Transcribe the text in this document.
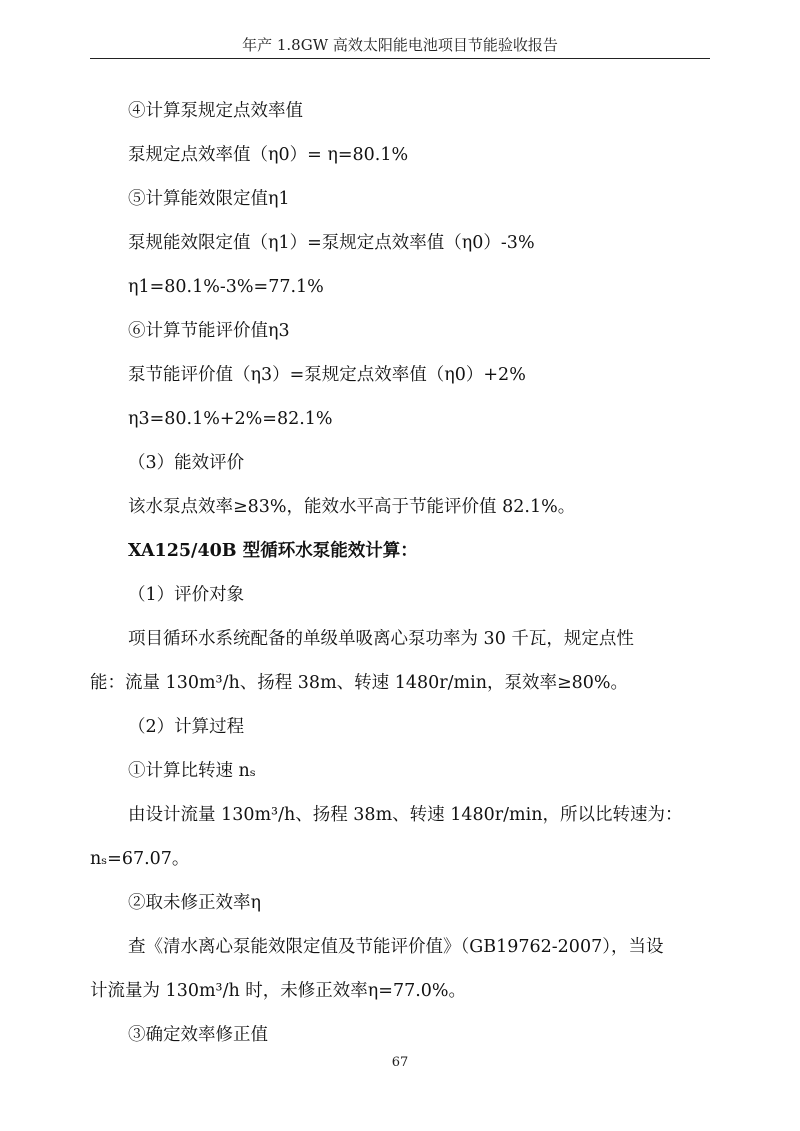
年产 1.8GW 高效太阳能电池项目节能验收报告

④计算泵规定点效率值

泵规定点效率值（η0）= η=80.1%

⑤计算能效限定值η1

泵规能效限定值（η1）=泵规定点效率值（η0）-3%

η1=80.1%-3%=77.1%

⑥计算节能评价值η3

泵节能评价值（η3）=泵规定点效率值（η0）+2%

η3=80.1%+2%=82.1%

（3）能效评价

该水泵点效率≥83%，能效水平高于节能评价值 82.1%。

XA125/40B 型循环水泵能效计算：

（1）评价对象

项目循环水系统配备的单级单吸离心泵功率为 30 千瓦，规定点性

能：流量 130m³/h、扬程 38m、转速 1480r/min，泵效率≥80%。

（2）计算过程

①计算比转速 nₛ

由设计流量 130m³/h、扬程 38m、转速 1480r/min，所以比转速为：

nₛ=67.07。

②取未修正效率η

查《清水离心泵能效限定值及节能评价值》（GB19762-2007），当设

计流量为 130m³/h 时，未修正效率η=77.0%。

③确定效率修正值

67
